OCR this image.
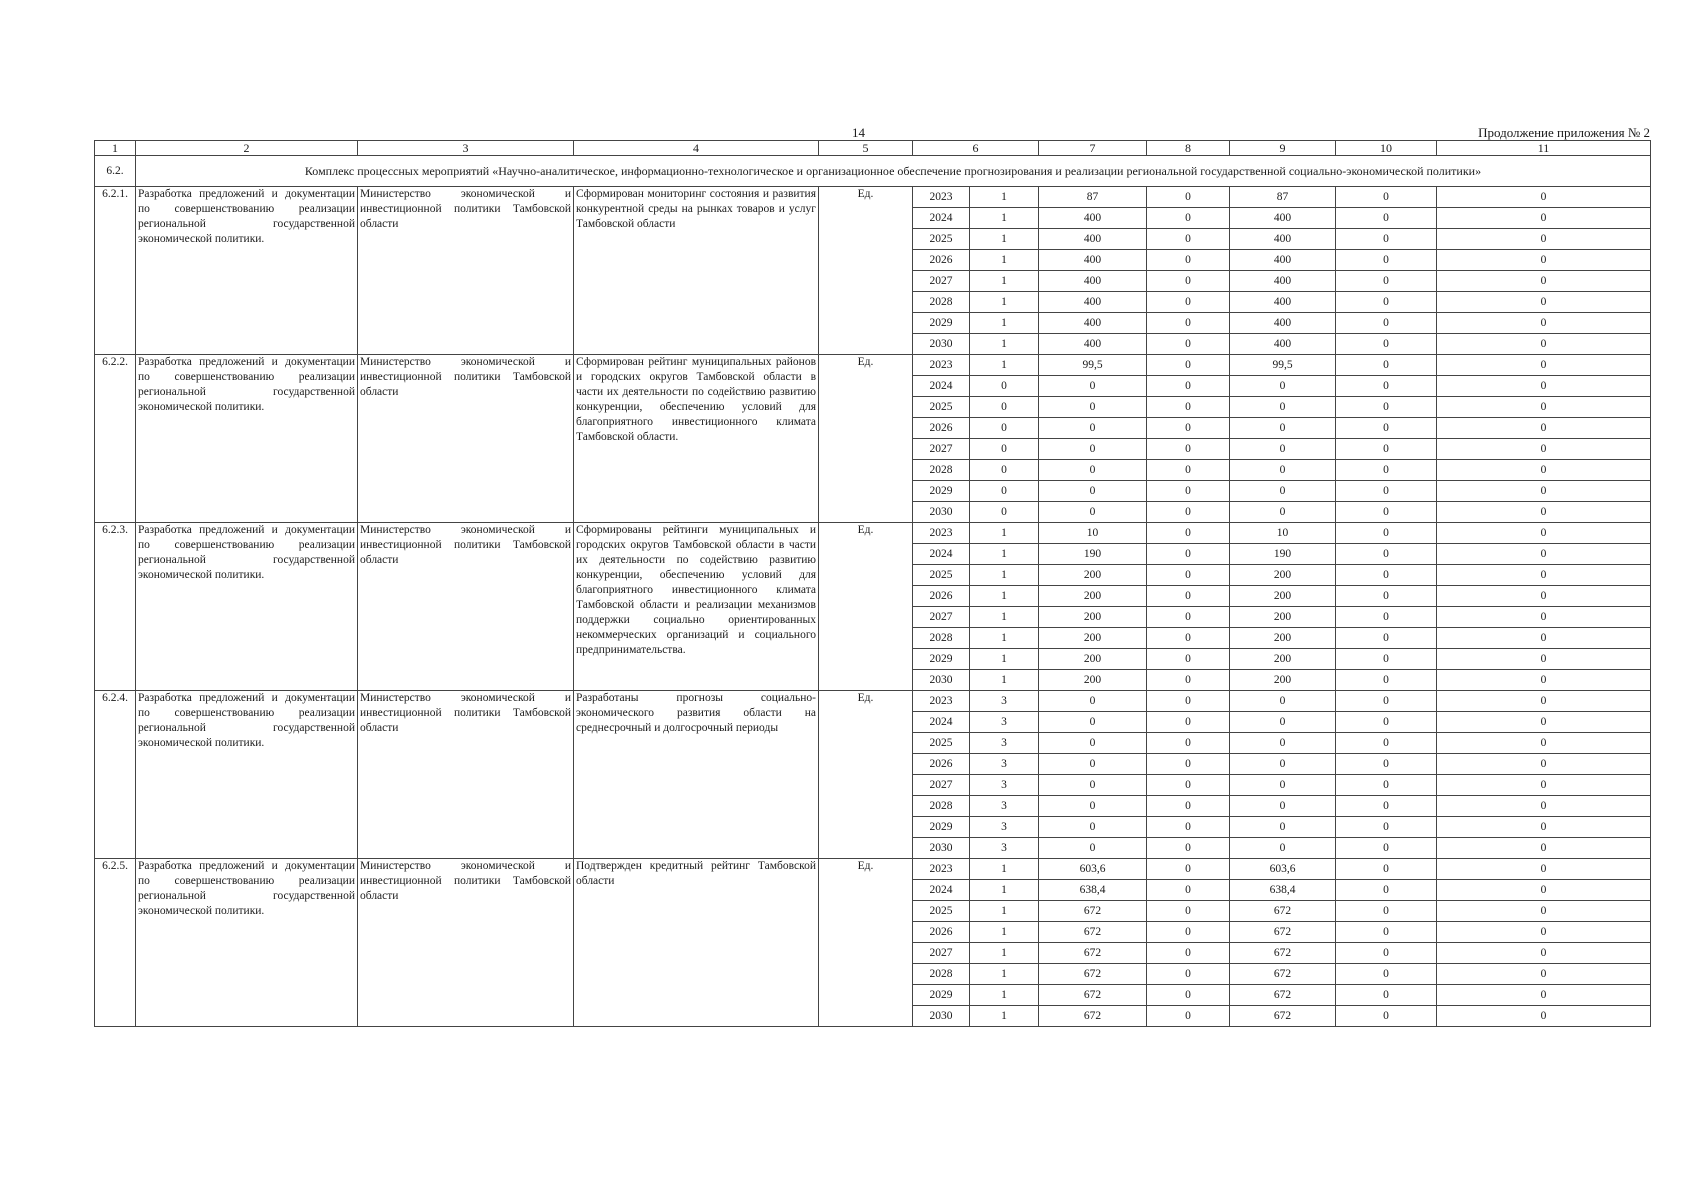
14	Продолжение приложения № 2
1	2	3	4	5	6		7	8	9	10	11
6.2.	Комплекс процессных мероприятий «Научно-аналитическое, информационно-технологическое и организационное обеспечение прогнозирования и реализации региональной государственной социально-экономической политики»										
6.2.1.	Разработка предложений и документации по совершенствованию реализации региональной государственной экономической политики.	Министерство экономической и инвестиционной политики Тамбовской области	Сформирован мониторинг состояния и развития конкурентной среды на рынках товаров и услуг Тамбовской области	Ед.	2023	1	87	0	87	0	0
					2024	1	400	0	400	0	0
					2025	1	400	0	400	0	0
					2026	1	400	0	400	0	0
					2027	1	400	0	400	0	0
					2028	1	400	0	400	0	0
					2029	1	400	0	400	0	0
					2030	1	400	0	400	0	0
6.2.2.	Разработка предложений и документации по совершенствованию реализации региональной государственной экономической политики.	Министерство экономической и инвестиционной политики Тамбовской области	Сформирован рейтинг муниципальных районов и городских округов Тамбовской области в части их деятельности по содействию развитию конкуренции, обеспечению условий для благоприятного инвестиционного климата Тамбовской области.	Ед.	2023	1	99,5	0	99,5	0	0
					2024	0	0	0	0	0	0
					2025	0	0	0	0	0	0
					2026	0	0	0	0	0	0
					2027	0	0	0	0	0	0
					2028	0	0	0	0	0	0
					2029	0	0	0	0	0	0
					2030	0	0	0	0	0	0
6.2.3.	Разработка предложений и документации по совершенствованию реализации региональной государственной экономической политики.	Министерство экономической и инвестиционной политики Тамбовской области	Сформированы рейтинги муниципальных и городских округов Тамбовской области в части их деятельности по содействию развитию конкуренции, обеспечению условий для благоприятного инвестиционного климата Тамбовской области и реализации механизмов поддержки социально ориентированных некоммерческих организаций и социального предпринимательства.	Ед.	2023	1	10	0	10	0	0
					2024	1	190	0	190	0	0
					2025	1	200	0	200	0	0
					2026	1	200	0	200	0	0
					2027	1	200	0	200	0	0
					2028	1	200	0	200	0	0
					2029	1	200	0	200	0	0
					2030	1	200	0	200	0	0
6.2.4.	Разработка предложений и документации по совершенствованию реализации региональной государственной экономической политики.	Министерство экономической и инвестиционной политики Тамбовской области	Разработаны прогнозы социально-экономического развития области на среднесрочный и долгосрочный периоды	Ед.	2023	3	0	0	0	0	0
					2024	3	0	0	0	0	0
					2025	3	0	0	0	0	0
					2026	3	0	0	0	0	0
					2027	3	0	0	0	0	0
					2028	3	0	0	0	0	0
					2029	3	0	0	0	0	0
					2030	3	0	0	0	0	0
6.2.5.	Разработка предложений и документации по совершенствованию реализации региональной государственной экономической политики.	Министерство экономической и инвестиционной политики Тамбовской области	Подтвержден кредитный рейтинг Тамбовской области	Ед.	2023	1	603,6	0	603,6	0	0
					2024	1	638,4	0	638,4	0	0
					2025	1	672	0	672	0	0
					2026	1	672	0	672	0	0
					2027	1	672	0	672	0	0
					2028	1	672	0	672	0	0
					2029	1	672	0	672	0	0
					2030	1	672	0	672	0	0
